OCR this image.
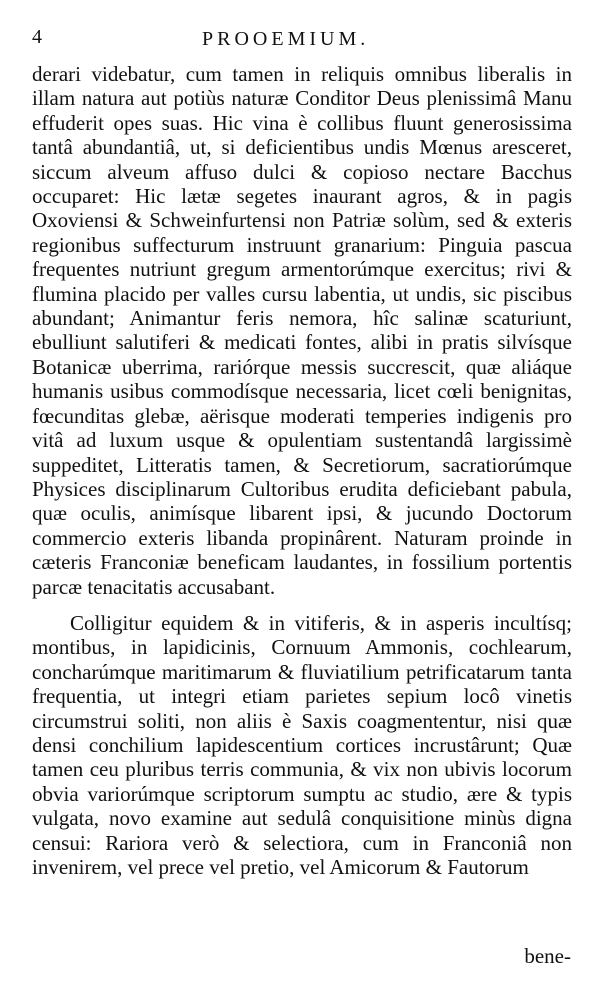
4	PROOEMIUM.

derari videbatur, cum tamen in reliquis omnibus liberalis in illam natura aut potiùs naturæ Conditor Deus plenissimâ Manu effuderit opes suas. Hic vina è collibus fluunt generosissima tantâ abundantiâ, ut, si deficientibus undis Mœnus aresceret, siccum alveum affuso dulci & copioso nectare Bacchus occuparet: Hic lætæ segetes inaurant agros, & in pagis Oxoviensi & Schweinfurtensi non Patriæ solùm, sed & exteris regionibus suffecturum instruunt granarium: Pinguia pascua frequentes nutriunt gregum armentorúmque exercitus; rivi & flumina placido per valles cursu labentia, ut undis, sic piscibus abundant; Animantur feris nemora, hîc salinæ scaturiunt, ebulliunt salutiferi & medicati fontes, alibi in pratis silvísque Botanicæ uberrima, rariórque messis succrescit, quæ aliáque humanis usibus commodísque necessaria, licet cœli benignitas, fœcunditas glebæ, aërisque moderati temperies indigenis pro vitâ ad luxum usque & opulentiam sustentandâ largissimè suppeditet, Litteratis tamen, & Secretiorum, sacratiorúmque Physices disciplinarum Cultoribus erudita deficiebant pabula, quæ oculis, animísque libarent ipsi, & jucundo Doctorum commercio exteris libanda propinârent. Naturam proinde in cæteris Franconiæ beneficam laudantes, in fossilium portentis parcæ tenacitatis accusabant.

Colligitur equidem & in vitiferis, & in asperis incultísq; montibus, in lapidicinis, Cornuum Ammonis, cochlearum, concharúmque maritimarum & fluviatilium petrificatarum tanta frequentia, ut integri etiam parietes sepium locô vinetis circumstrui soliti, non aliis è Saxis coagmententur, nisi quæ densi conchilium lapidescentium cortices incrustârunt; Quæ tamen ceu pluribus terris communia, & vix non ubivis locorum obvia variorúmque scriptorum sumptu ac studio, ære & typis vulgata, novo examine aut sedulâ conquisitione minùs digna censui: Rariora verò & selectiora, cum in Franconiâ non invenirem, vel prece vel pretio, vel Amicorum & Fautorum

bene-
